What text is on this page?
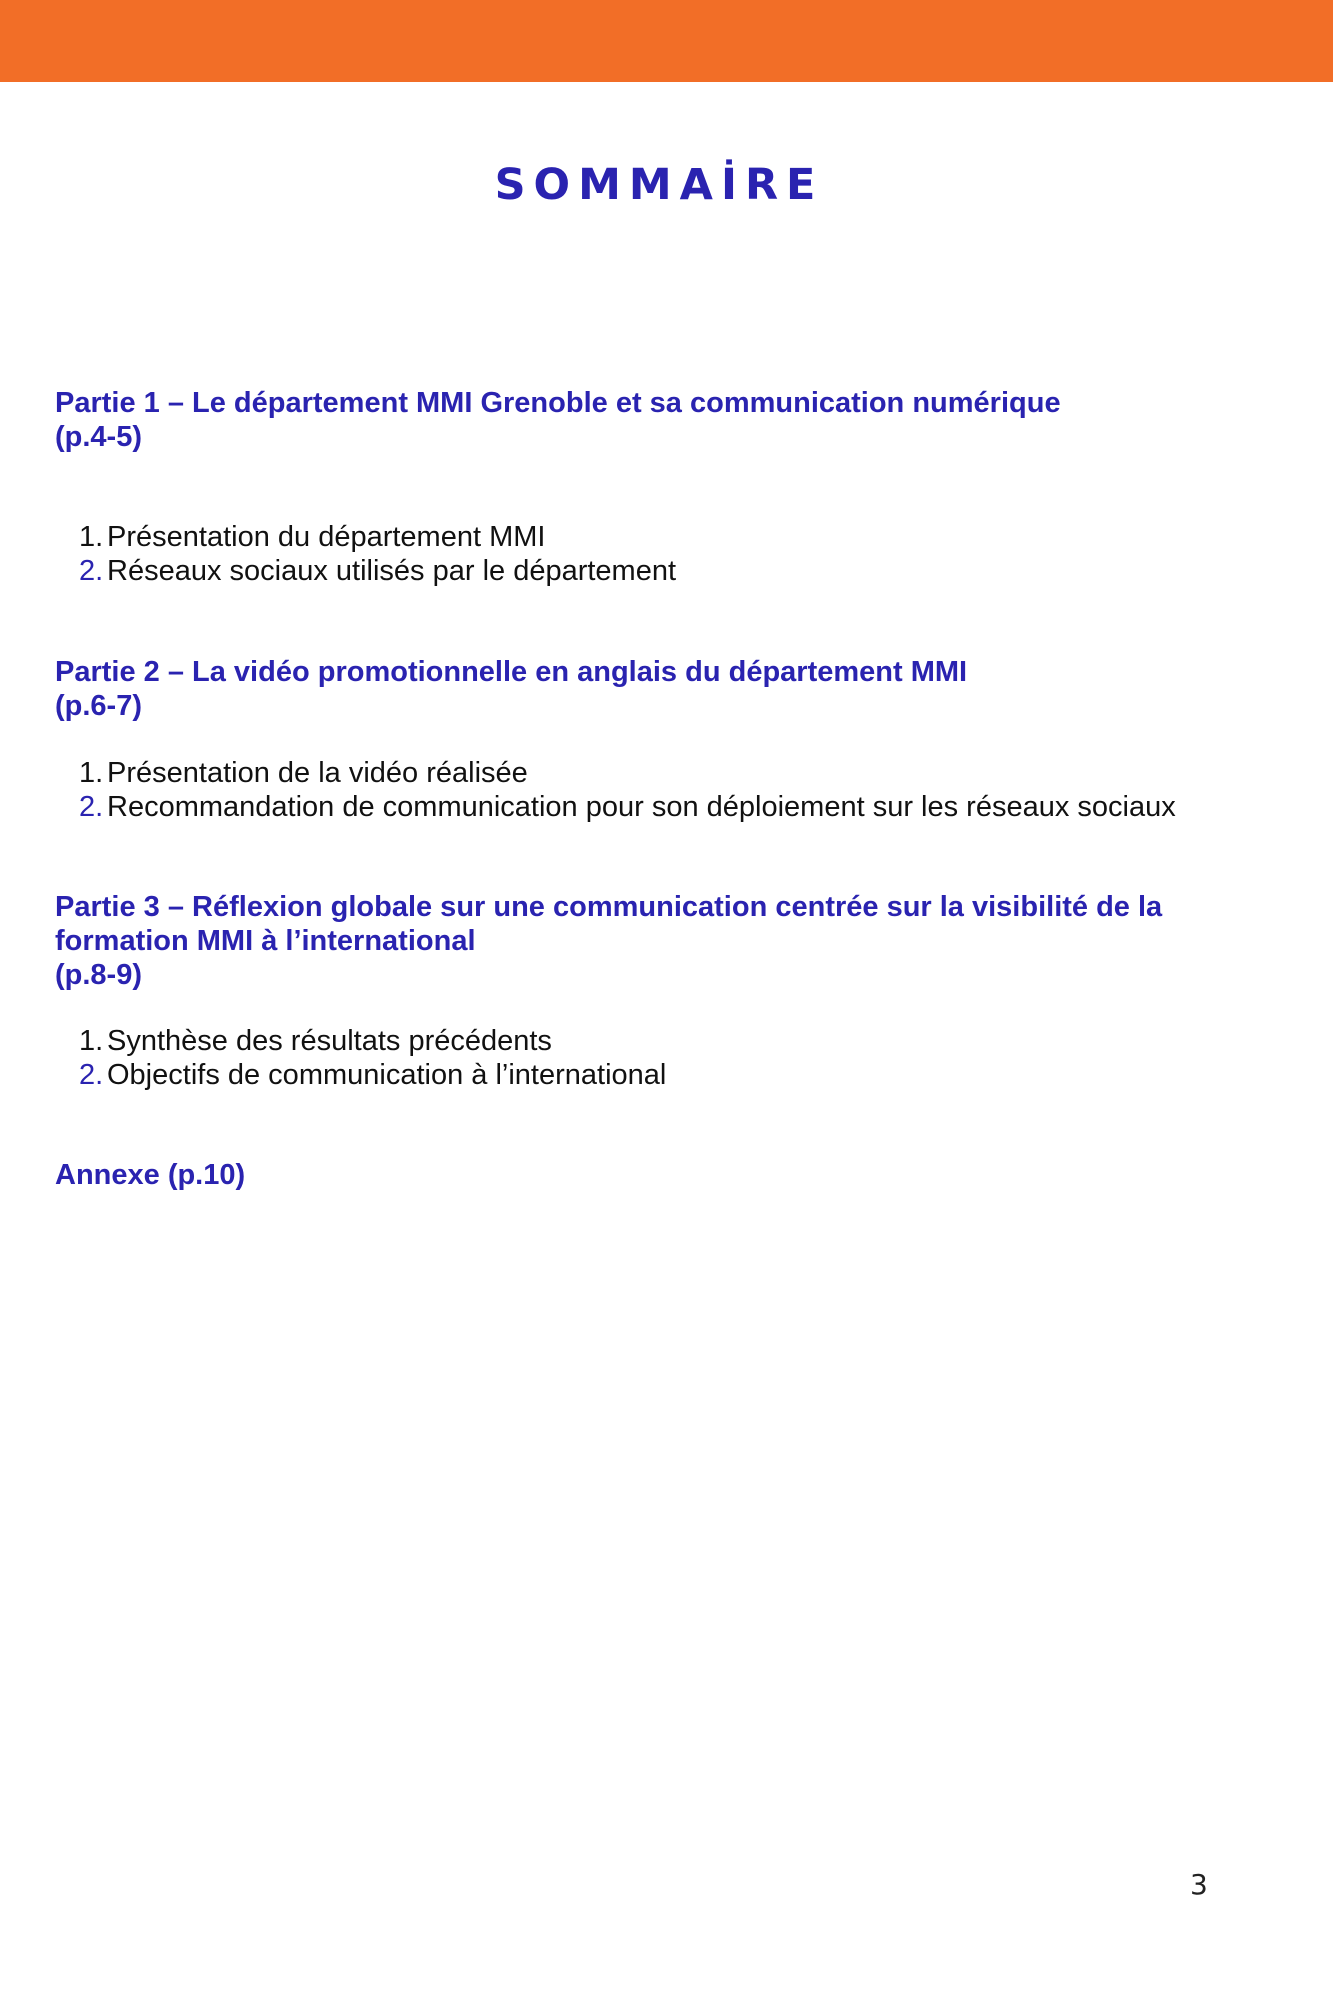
SOMMAİRE
Partie 1 – Le département MMI Grenoble et sa communication numérique
(p.4-5)
1. Présentation du département MMI
2. Réseaux sociaux utilisés par le département
Partie 2 – La vidéo promotionnelle en anglais du département MMI
(p.6-7)
1. Présentation de la vidéo réalisée
2. Recommandation de communication pour son déploiement sur les réseaux sociaux
Partie 3 – Réflexion globale sur une communication centrée sur la visibilité de la
formation MMI à l’international
(p.8-9)
1. Synthèse des résultats précédents
2. Objectifs de communication à l’international
Annexe (p.10)
3
